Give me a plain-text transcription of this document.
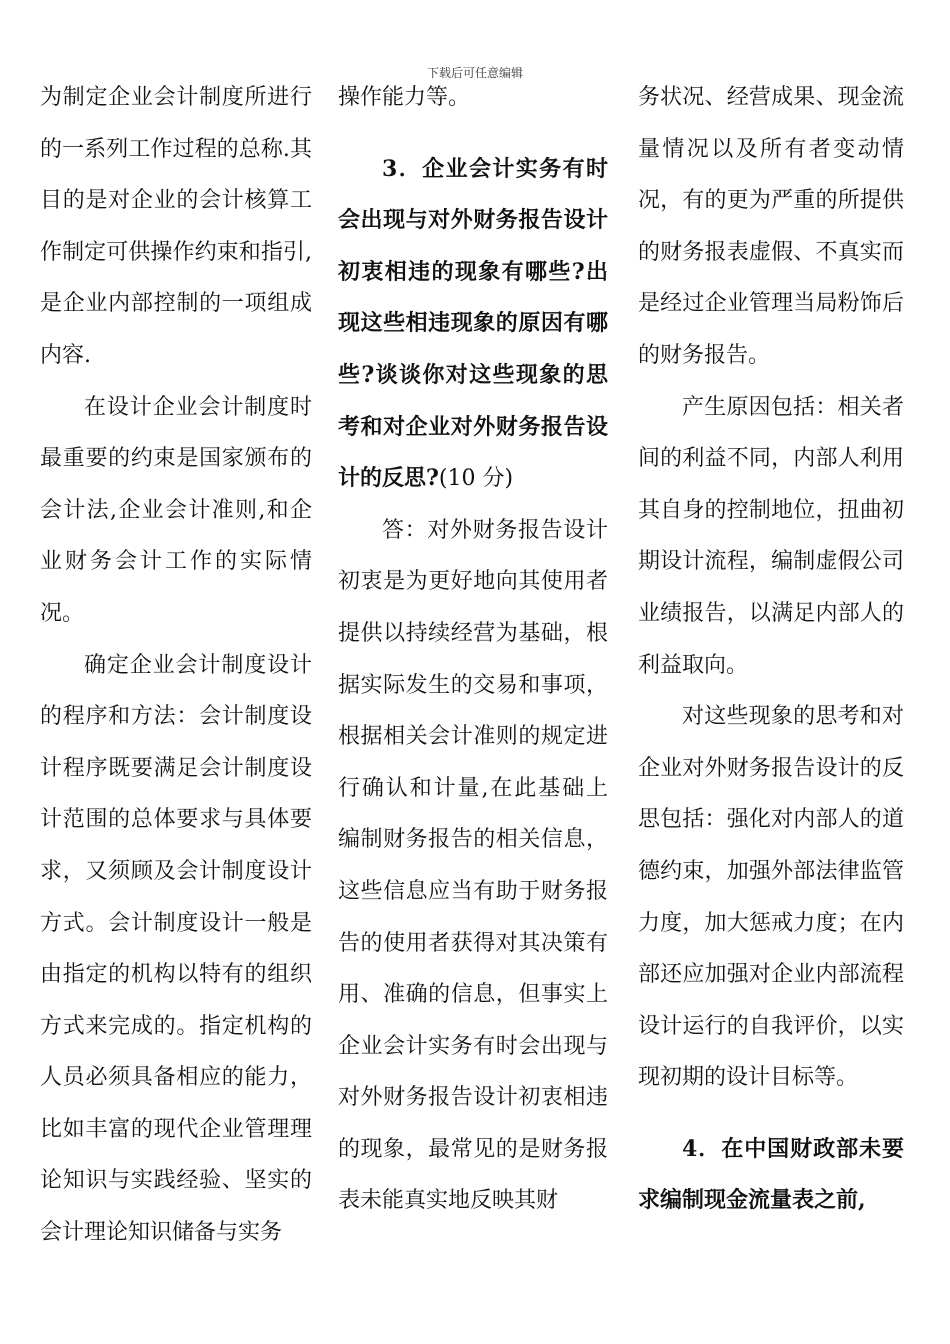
下载后可任意编辑

为制定企业会计制度所进行的一系列工作过程的总称.其目的是对企业的会计核算工作制定可供操作约束和指引,是企业内部控制的一项组成内容.

在设计企业会计制度时最重要的约束是国家颁布的会计法,企业会计准则,和企业财务会计工作的实际情况。

确定企业会计制度设计的程序和方法：会计制度设计程序既要满足会计制度设计范围的总体要求与具体要求，又须顾及会计制度设计方式。会计制度设计一般是由指定的机构以特有的组织方式来完成的。指定机构的人员必须具备相应的能力，比如丰富的现代企业管理理论知识与实践经验、坚实的会计理论知识储备与实务

操作能力等。

3．企业会计实务有时会出现与对外财务报告设计初衷相违的现象有哪些?出现这些相违现象的原因有哪些?谈谈你对这些现象的思考和对企业对外财务报告设计的反思?(10 分)

答：对外财务报告设计初衷是为更好地向其使用者提供以持续经营为基础，根据实际发生的交易和事项，根据相关会计准则的规定进行确认和计量,在此基础上编制财务报告的相关信息，这些信息应当有助于财务报告的使用者获得对其决策有用、准确的信息，但事实上企业会计实务有时会出现与对外财务报告设计初衷相违的现象，最常见的是财务报表未能真实地反映其财

务状况、经营成果、现金流量情况以及所有者变动情况，有的更为严重的所提供的财务报表虚假、不真实而是经过企业管理当局粉饰后的财务报告。

产生原因包括：相关者间的利益不同，内部人利用其自身的控制地位，扭曲初期设计流程，编制虚假公司业绩报告，以满足内部人的利益取向。

对这些现象的思考和对企业对外财务报告设计的反思包括：强化对内部人的道德约束，加强外部法律监管力度，加大惩戒力度；在内部还应加强对企业内部流程设计运行的自我评价，以实现初期的设计目标等。

4．在中国财政部未要求编制现金流量表之前,
